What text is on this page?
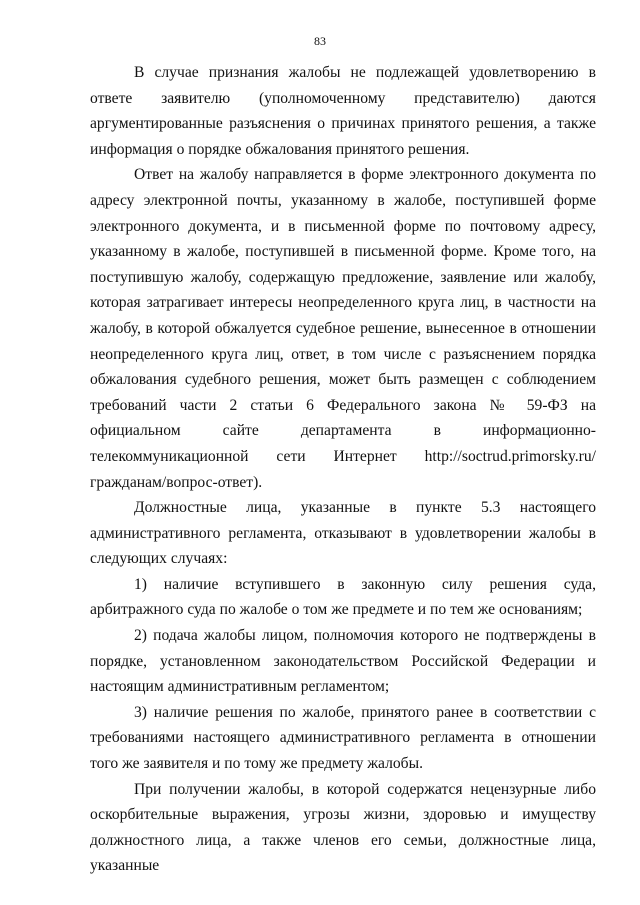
83

В случае признания жалобы не подлежащей удовлетворению в ответе заявителю (уполномоченному представителю) даются аргументированные разъяснения о причинах принятого решения, а также информация о порядке обжалования принятого решения.

Ответ на жалобу направляется в форме электронного документа по адресу электронной почты, указанному в жалобе, поступившей форме электронного документа, и в письменной форме по почтовому адресу, указанному в жалобе, поступившей в письменной форме. Кроме того, на поступившую жалобу, содержащую предложение, заявление или жалобу, которая затрагивает интересы неопределенного круга лиц, в частности на жалобу, в которой обжалуется судебное решение, вынесенное в отношении неопределенного круга лиц, ответ, в том числе с разъяснением порядка обжалования судебного решения, может быть размещен с соблюдением требований части 2 статьи 6 Федерального закона № 59-ФЗ на официальном сайте департамента в информационно-телекоммуникационной сети Интернет http://soctrud.primorsky.ru/гражданам/вопрос-ответ).

Должностные лица, указанные в пункте 5.3 настоящего административного регламента, отказывают в удовлетворении жалобы в следующих случаях:

1) наличие вступившего в законную силу решения суда, арбитражного суда по жалобе о том же предмете и по тем же основаниям;

2) подача жалобы лицом, полномочия которого не подтверждены в порядке, установленном законодательством Российской Федерации и настоящим административным регламентом;

3) наличие решения по жалобе, принятого ранее в соответствии с требованиями настоящего административного регламента в отношении того же заявителя и по тому же предмету жалобы.

При получении жалобы, в которой содержатся нецензурные либо оскорбительные выражения, угрозы жизни, здоровью и имуществу должностного лица, а также членов его семьи, должностные лица, указанные
